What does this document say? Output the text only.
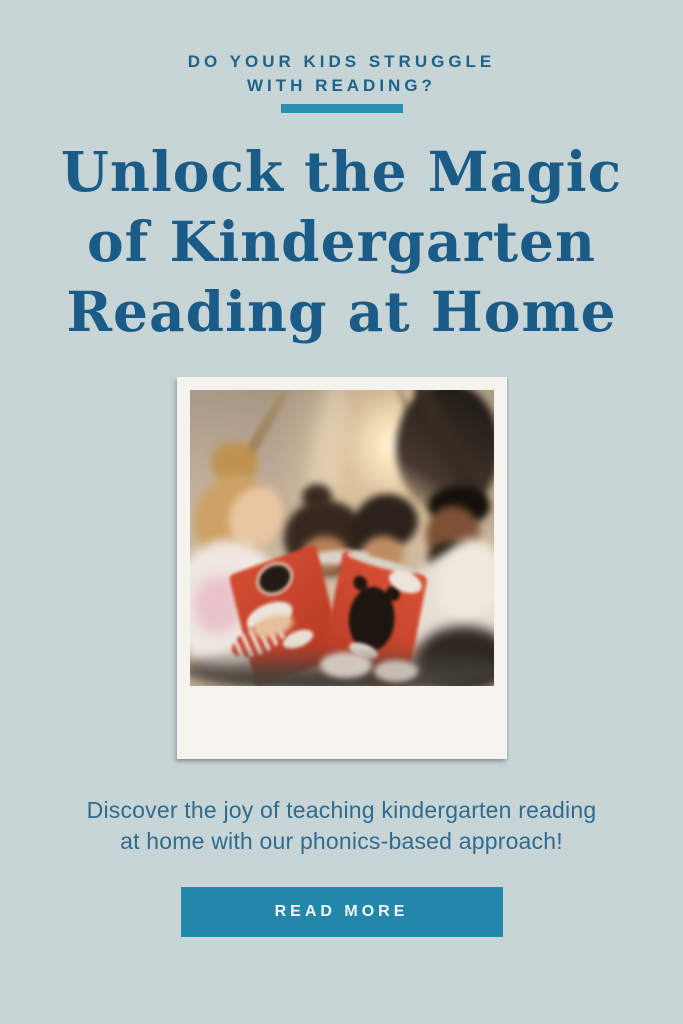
DO YOUR KIDS STRUGGLE
WITH READING?
Unlock the Magic
of Kindergarten
Reading at Home
Discover the joy of teaching kindergarten reading
at home with our phonics-based approach!
READ MORE
